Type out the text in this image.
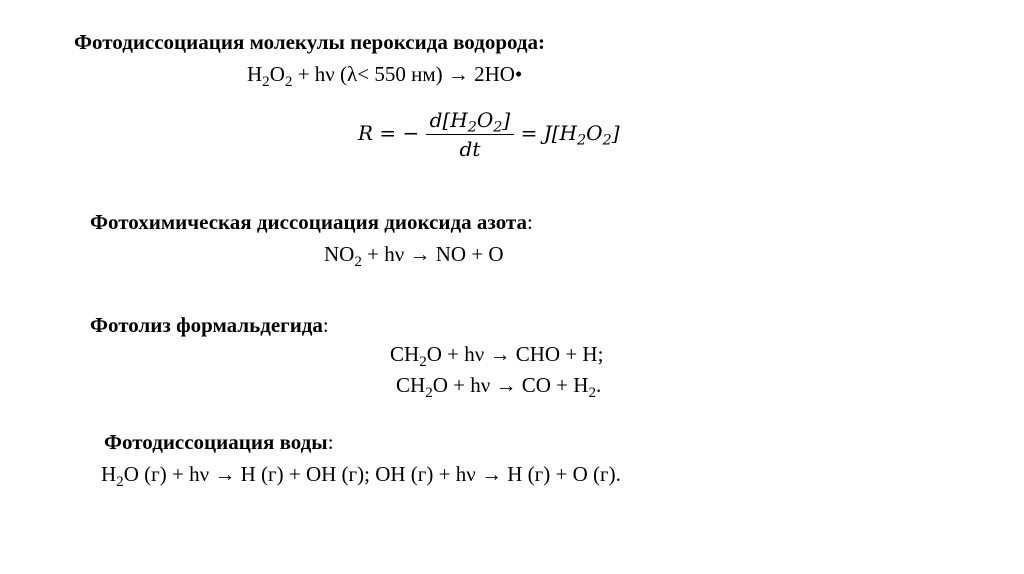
Фотодиссоциация молекулы пероксида водорода:
$H_2O_2 + h\nu$ (λ< 550 нм) → 2HO•
R = − $\frac{d[H_2O_2]}{dt} = J[H_2O_2]$
Фотохимическая диссоциация диоксида азота:
$NO_2 + h\nu$ → NO + O
Фотолиз формальдегида:
$CH_2O + h\nu$ → CHO + H;
$CH_2O + h\nu$ → CO + $H_2$.
Фотодиссоциация воды:
$H_2O$ (г) + hν → H (г) + OH (г); OH (г) + hν → H (г) + O (г).
